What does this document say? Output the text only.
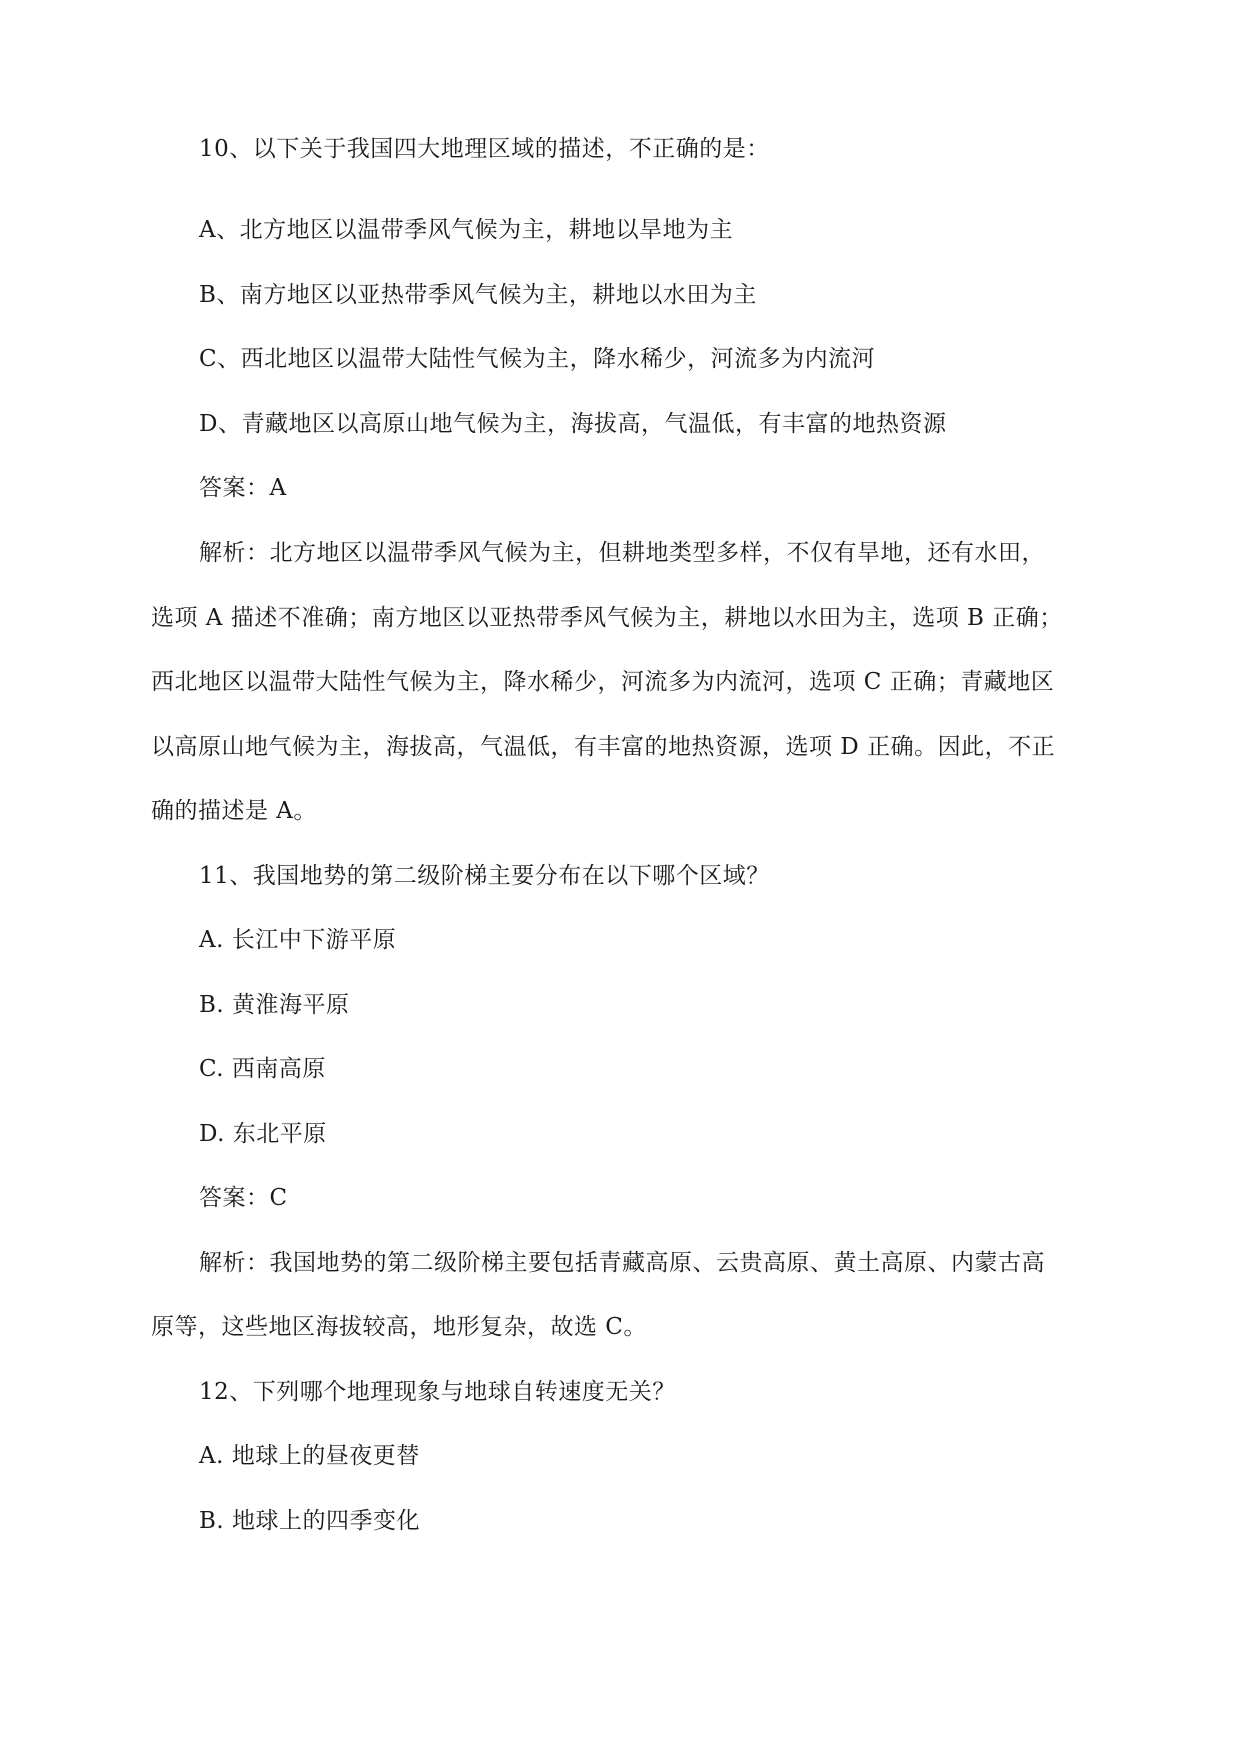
10、以下关于我国四大地理区域的描述，不正确的是：
A、北方地区以温带季风气候为主，耕地以旱地为主
B、南方地区以亚热带季风气候为主，耕地以水田为主
C、西北地区以温带大陆性气候为主，降水稀少，河流多为内流河
D、青藏地区以高原山地气候为主，海拔高，气温低，有丰富的地热资源
答案：A
解析：北方地区以温带季风气候为主，但耕地类型多样，不仅有旱地，还有水田，
选项 A 描述不准确；南方地区以亚热带季风气候为主，耕地以水田为主，选项 B 正确；
西北地区以温带大陆性气候为主，降水稀少，河流多为内流河，选项 C 正确；青藏地区
以高原山地气候为主，海拔高，气温低，有丰富的地热资源，选项 D 正确。因此，不正
确的描述是 A。
11、我国地势的第二级阶梯主要分布在以下哪个区域？
A. 长江中下游平原
B. 黄淮海平原
C. 西南高原
D. 东北平原
答案：C
解析：我国地势的第二级阶梯主要包括青藏高原、云贵高原、黄土高原、内蒙古高
原等，这些地区海拔较高，地形复杂，故选 C。
12、下列哪个地理现象与地球自转速度无关？
A. 地球上的昼夜更替
B. 地球上的四季变化
